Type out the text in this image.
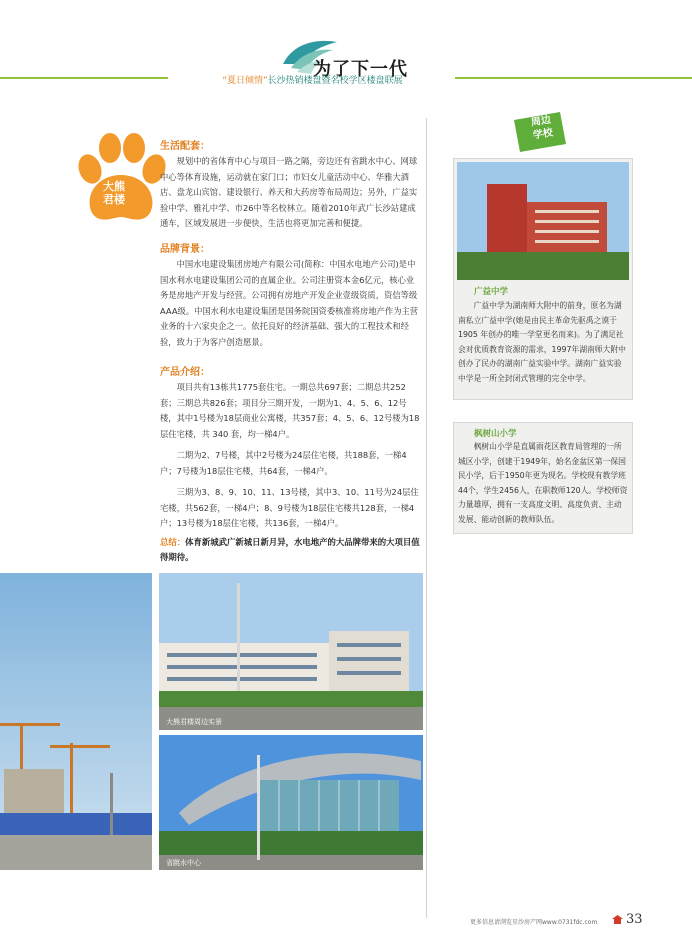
为了下一代
“夏日倾情”长沙热销楼盘暨名校学区楼盘联展
大熊
君楼
生活配套：
规划中的省体育中心与项目一路之隔，旁边还有省跳水中心、网球中心等体育设施，运动就在家门口；市妇女儿童活动中心、华雅大酒店、盘龙山宾馆、建设银行、养天和大药房等布局周边；另外，广益实验中学、雅礼中学、市26中等名校林立。随着2010年武广长沙站建成通车，区域发展进一步便快，生活也将更加完善和便捷。
品牌背景：
中国水电建设集团房地产有限公司(简称：中国水电地产公司)是中国水利水电建设集团公司的直属企业。公司注册资本金6亿元，核心业务是房地产开发与经营。公司拥有房地产开发企业壹级资质，资信等级AAA级。中国水利水电建设集团是国务院国资委核准将房地产作为主营业务的十六家央企之一。依托良好的经济基础、强大的工程技术和经验，致力于为客户创造愿景。
产品介绍：
项目共有13栋共1775套住宅。一期总共697套；二期总共252套；三期总共826套；项目分三期开发，一期为1、4、5、6、12号楼，其中1号楼为18层商业公寓楼，共357套；4、5、6、12号楼为18层住宅楼，共 340 套，均一梯4户。
二期为2、7号楼，其中2号楼为24层住宅楼，共188套，一梯4户；7号楼为18层住宅楼，共64套，一梯4户。
三期为3、8、9、10、11、13号楼，其中3、10、11号为24层住宅楼，共562套，一梯4户；8、9号楼为18层住宅楼共128套，一梯4户；13号楼为18层住宅楼，共136套，一梯4户。
总结：体育新城武广新城日新月异，水电地产的大品牌带来的大项目值得期待。
大熊君楼周边实景
省跳水中心
周边
学校
广益中学
广益中学为湖南师大附中的前身，原名为湖南私立广益中学(她是由民主革命先驱禹之谟于 1905 年创办的唯一学堂更名而来)。为了满足社会对优质教育资源的需求，1997年湖南师大附中创办了民办的湖南广益实验中学。湖南广益实验中学是一所全封闭式管理的完全中学。
枫树山小学
枫树山小学是直属雨花区教育局管理的一所城区小学，创建于1949年，始名金盆区第一保国民小学，后于1950年更为现名。学校现有教学班44个，学生2456人，在职教师120人。学校师资力量雄厚，拥有一支高度文明、高度负责、主动发展、能动创新的教师队伍。
更多信息请浏览星沙房产网www.0731fdc.com 33
